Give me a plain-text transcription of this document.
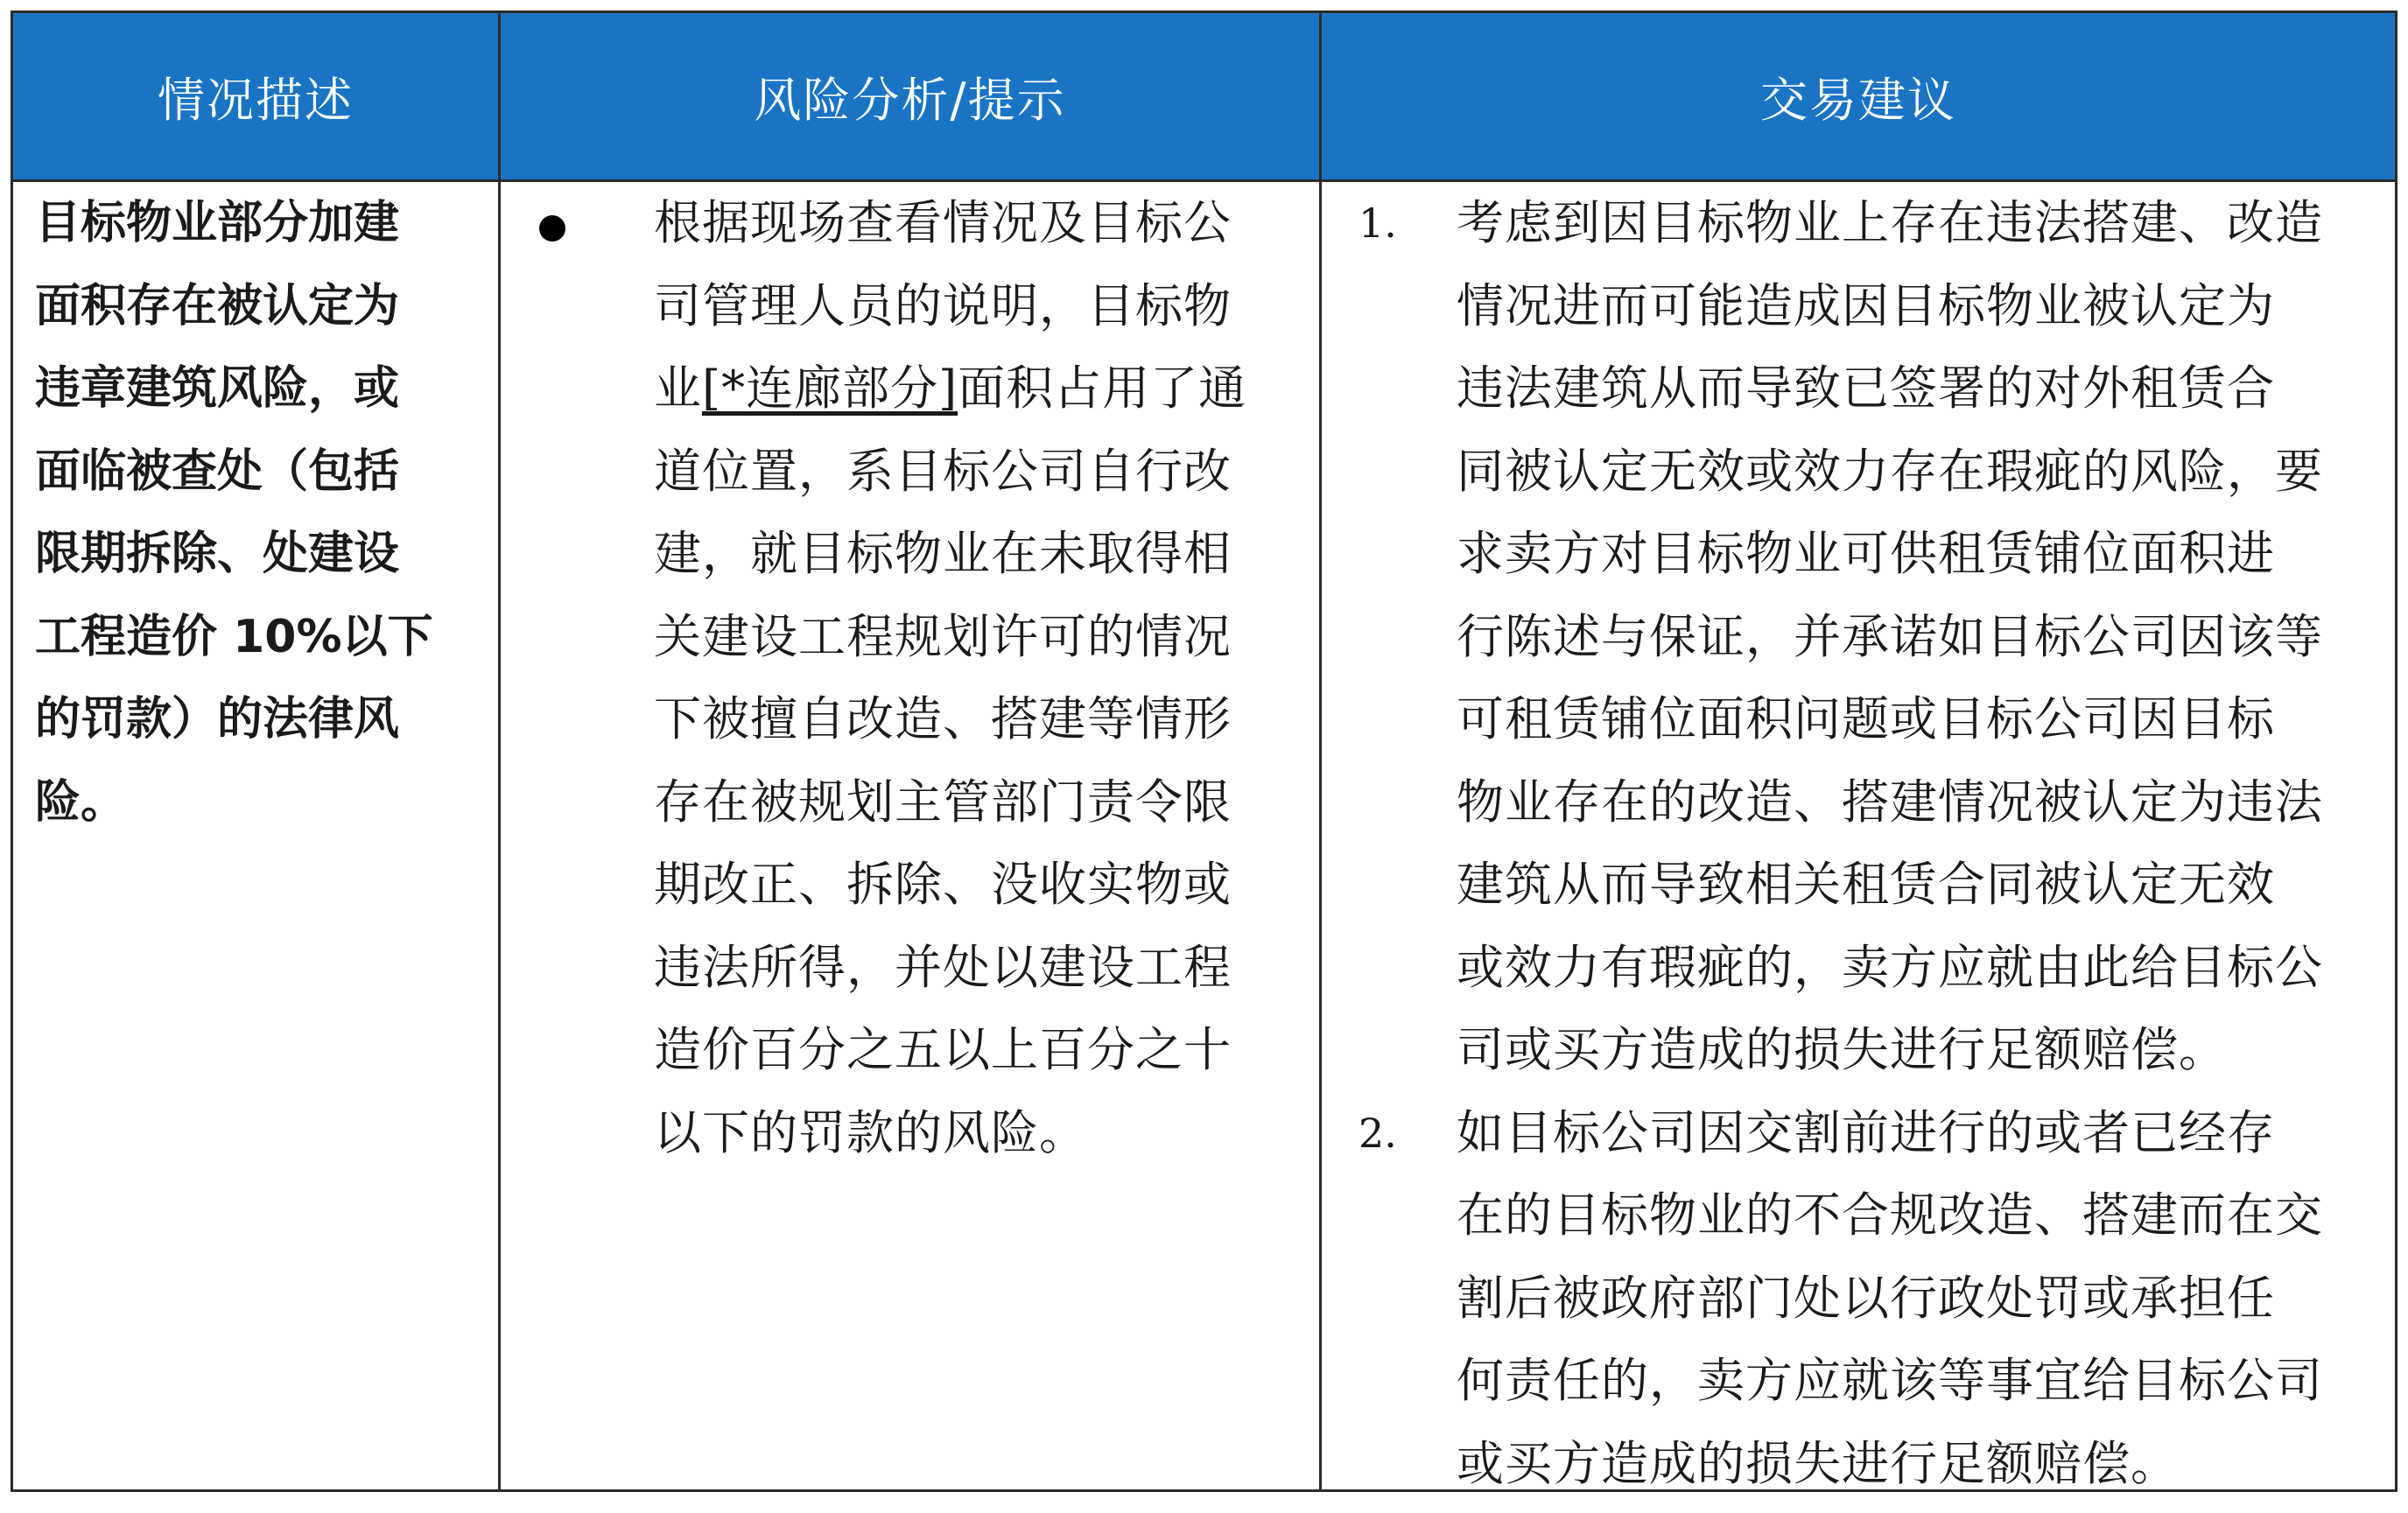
情况描述	风险分析/提示	交易建议
目标物业部分加建
面积存在被认定为
违章建筑风险，或
面临被查处（包括
限期拆除、处建设
工程造价 10%以下
的罚款）的法律风
险。
根据现场查看情况及目标公
司管理人员的说明，目标物
业[*连廊部分]面积占用了通
道位置，系目标公司自行改
建，就目标物业在未取得相
关建设工程规划许可的情况
下被擅自改造、搭建等情形
存在被规划主管部门责令限
期改正、拆除、没收实物或
违法所得，并处以建设工程
造价百分之五以上百分之十
以下的罚款的风险。
1. 考虑到因目标物业上存在违法搭建、改造
情况进而可能造成因目标物业被认定为
违法建筑从而导致已签署的对外租赁合
同被认定无效或效力存在瑕疵的风险，要
求卖方对目标物业可供租赁铺位面积进
行陈述与保证，并承诺如目标公司因该等
可租赁铺位面积问题或目标公司因目标
物业存在的改造、搭建情况被认定为违法
建筑从而导致相关租赁合同被认定无效
或效力有瑕疵的，卖方应就由此给目标公
司或买方造成的损失进行足额赔偿。
2. 如目标公司因交割前进行的或者已经存
在的目标物业的不合规改造、搭建而在交
割后被政府部门处以行政处罚或承担任
何责任的，卖方应就该等事宜给目标公司
或买方造成的损失进行足额赔偿。
